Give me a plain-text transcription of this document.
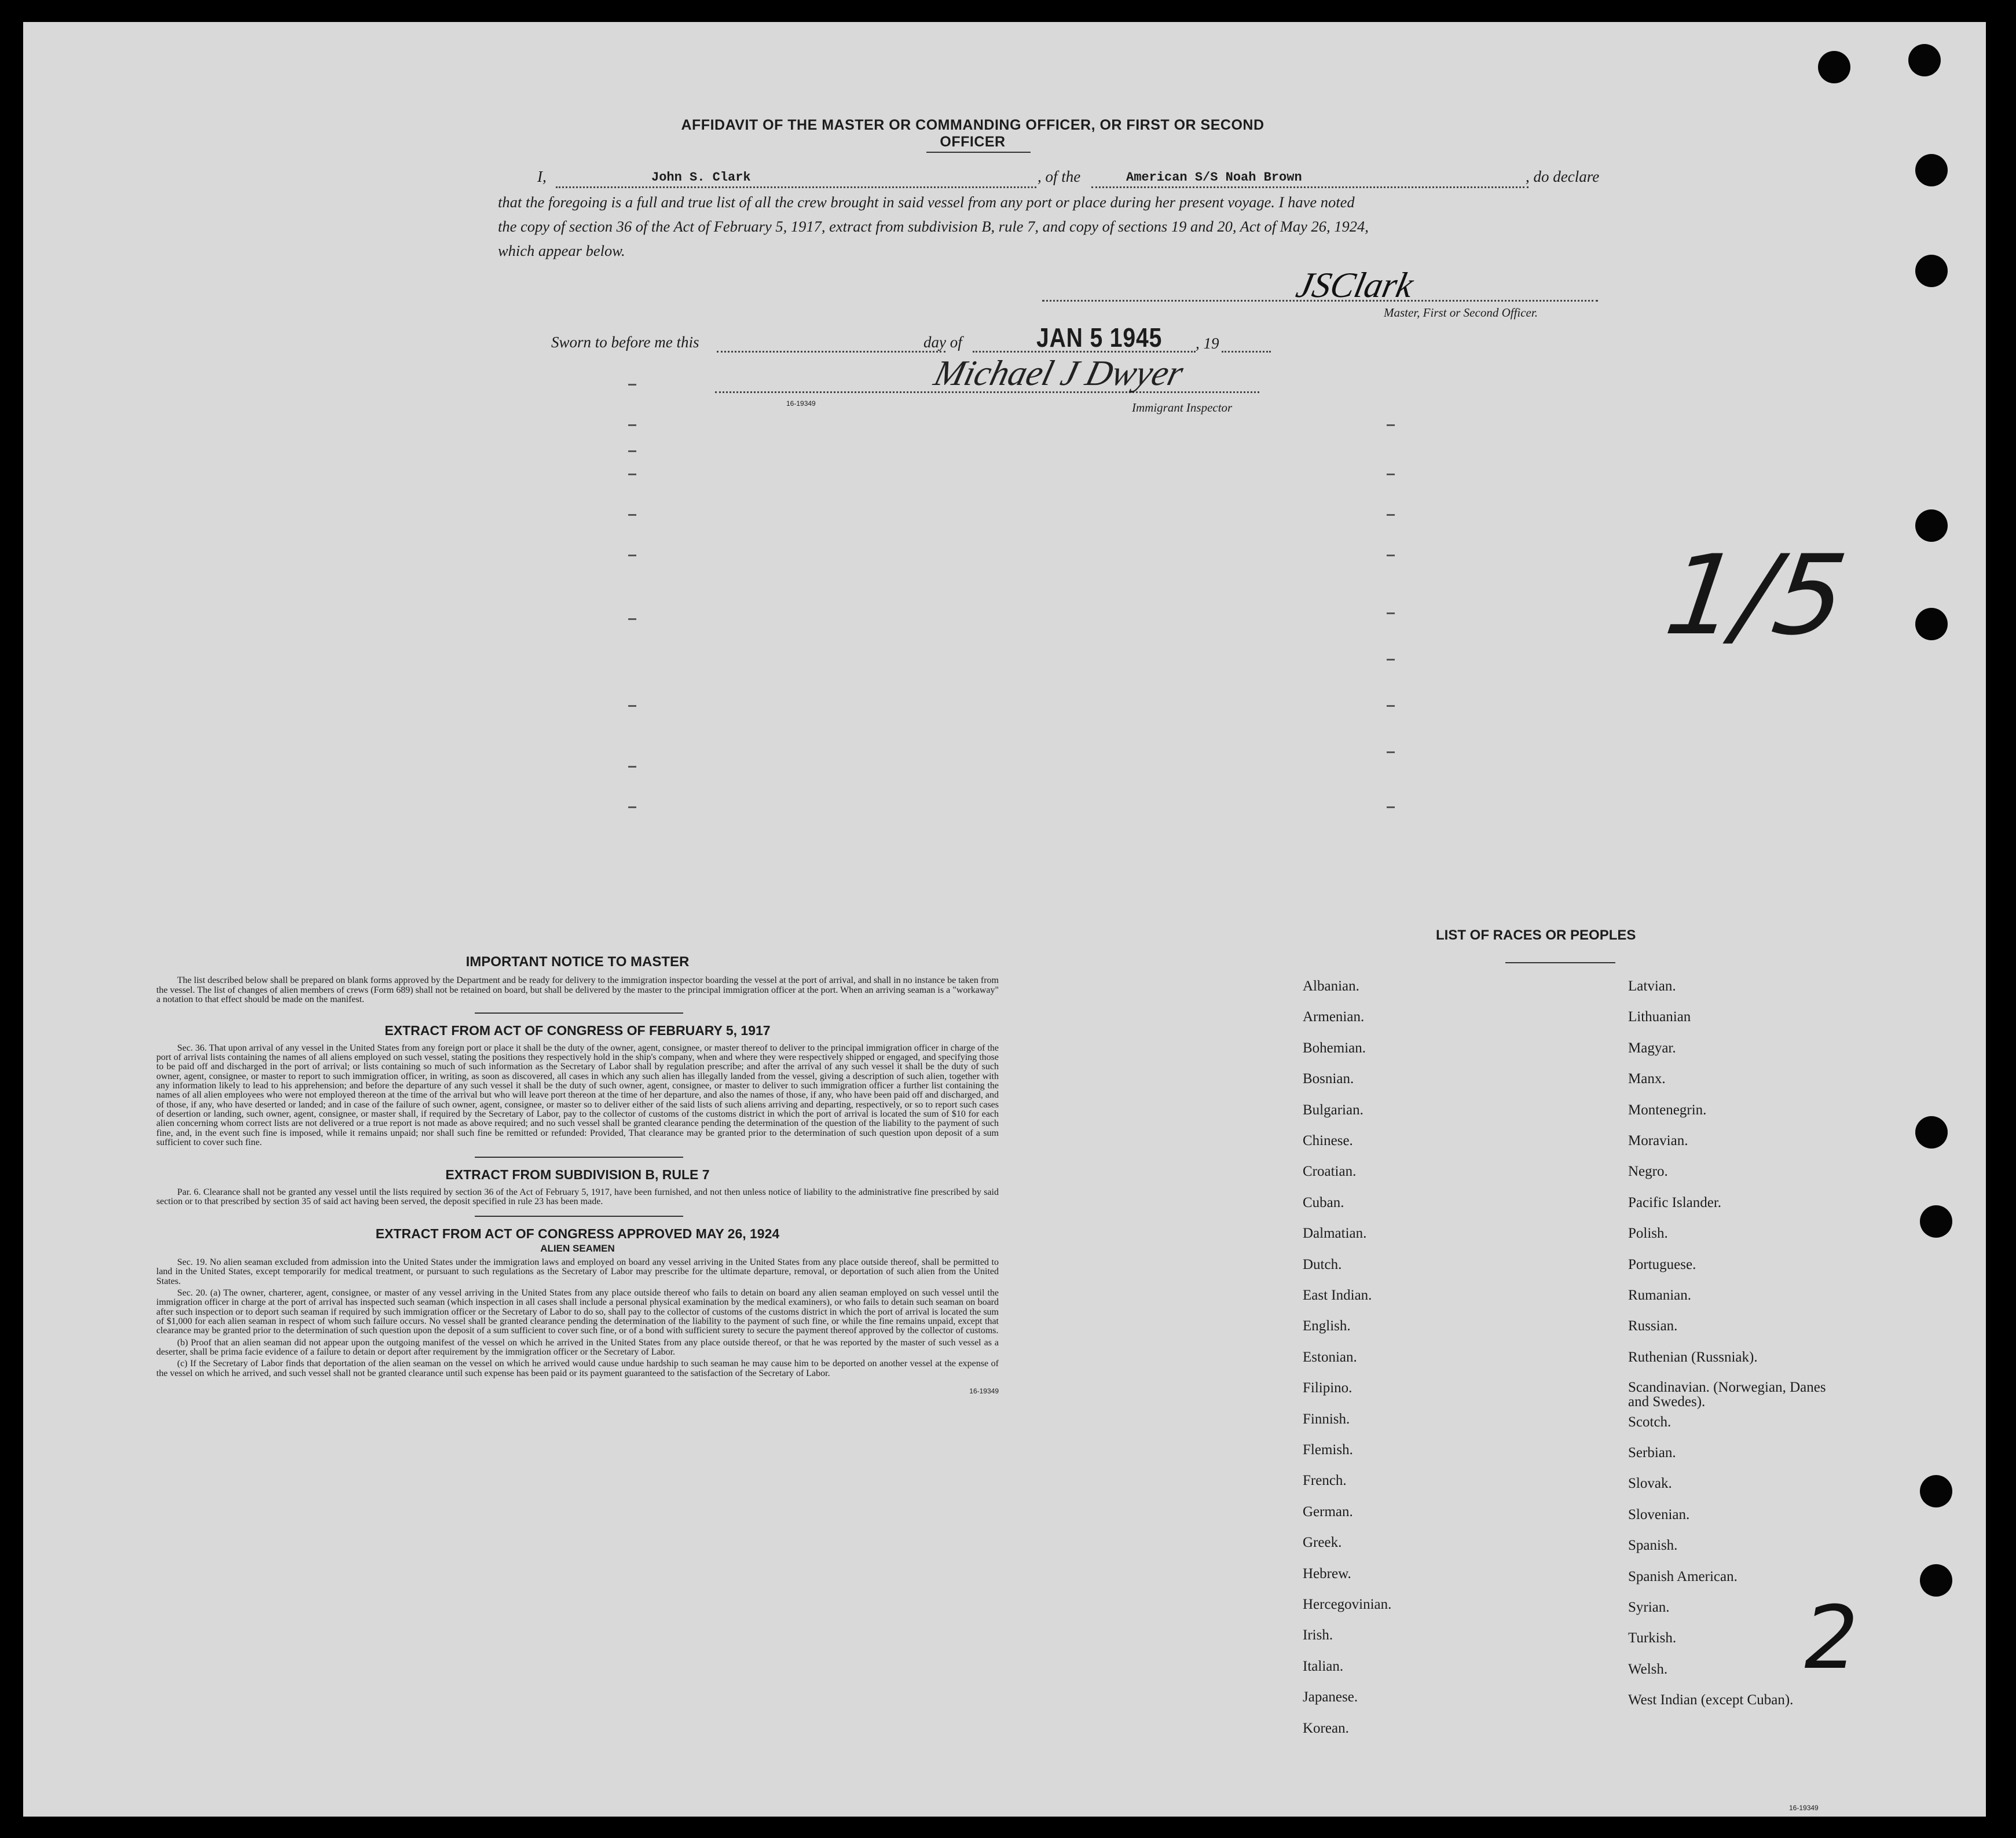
AFFIDAVIT OF THE MASTER OR COMMANDING OFFICER, OR FIRST OR SECOND OFFICER
I,	John S. Clark	, of the	American S/S Noah Brown	, do declare
that the foregoing is a full and true list of all the crew brought in said vessel from any port or place during her present voyage. I have noted
the copy of section 36 of the Act of February 5, 1917, extract from subdivision B, rule 7, and copy of sections 19 and 20, Act of May 26, 1924,
which appear below.
JSClark
Master, First or Second Officer.
Sworn to before me this	day of	JAN 5 1945 , 19
Michael J Dwyer
16-19349	Immigrant Inspector
1/5
2
IMPORTANT NOTICE TO MASTER

The list described below shall be prepared on blank forms approved by the Department and be ready for delivery to the immigration inspector boarding the vessel at the port of arrival, and shall in no instance be taken from the vessel. The list of changes of alien members of crews (Form 689) shall not be retained on board, but shall be delivered by the master to the principal immigration officer at the port. When an arriving seaman is a "workaway" a notation to that effect should be made on the manifest.

EXTRACT FROM ACT OF CONGRESS OF FEBRUARY 5, 1917

Sec. 36. That upon arrival of any vessel in the United States from any foreign port or place it shall be the duty of the owner, agent, consignee, or master thereof to deliver to the principal immigration officer in charge of the port of arrival lists containing the names of all aliens employed on such vessel, stating the positions they respectively hold in the ship's company, when and where they were respectively shipped or engaged, and specifying those to be paid off and discharged in the port of arrival; or lists containing so much of such information as the Secretary of Labor shall by regulation prescribe; and after the arrival of any such vessel it shall be the duty of such owner, agent, consignee, or master to report to such immigration officer, in writing, as soon as discovered, all cases in which any such alien has illegally landed from the vessel, giving a description of such alien, together with any information likely to lead to his apprehension; and before the departure of any such vessel it shall be the duty of such owner, agent, consignee, or master to deliver to such immigration officer a further list containing the names of all alien employees who were not employed thereon at the time of the arrival but who will leave port thereon at the time of her departure, and also the names of those, if any, who have been paid off and discharged, and of those, if any, who have deserted or landed; and in case of the failure of such owner, agent, consignee, or master so to deliver either of the said lists of such aliens arriving and departing, respectively, or so to report such cases of desertion or landing, such owner, agent, consignee, or master shall, if required by the Secretary of Labor, pay to the collector of customs of the customs district in which the port of arrival is located the sum of $10 for each alien concerning whom correct lists are not delivered or a true report is not made as above required; and no such vessel shall be granted clearance pending the determination of the question of the liability to the payment of such fine, and, in the event such fine is imposed, while it remains unpaid; nor shall such fine be remitted or refunded: Provided, That clearance may be granted prior to the determination of such question upon deposit of a sum sufficient to cover such fine.

EXTRACT FROM SUBDIVISION B, RULE 7

Par. 6. Clearance shall not be granted any vessel until the lists required by section 36 of the Act of February 5, 1917, have been furnished, and not then unless notice of liability to the administrative fine prescribed by said section or to that prescribed by section 35 of said act having been served, the deposit specified in rule 23 has been made.

EXTRACT FROM ACT OF CONGRESS APPROVED MAY 26, 1924
ALIEN SEAMEN

Sec. 19. No alien seaman excluded from admission into the United States under the immigration laws and employed on board any vessel arriving in the United States from any place outside thereof, shall be permitted to land in the United States, except temporarily for medical treatment, or pursuant to such regulations as the Secretary of Labor may prescribe for the ultimate departure, removal, or deportation of such alien from the United States.

Sec. 20. (a) The owner, charterer, agent, consignee, or master of any vessel arriving in the United States from any place outside thereof who fails to detain on board any alien seaman employed on such vessel until the immigration officer in charge at the port of arrival has inspected such seaman (which inspection in all cases shall include a personal physical examination by the medical examiners), or who fails to detain such seaman on board after such inspection or to deport such seaman if required by such immigration officer or the Secretary of Labor to do so, shall pay to the collector of customs of the customs district in which the port of arrival is located the sum of $1,000 for each alien seaman in respect of whom such failure occurs. No vessel shall be granted clearance pending the determination of the liability to the payment of such fine, or while the fine remains unpaid, except that clearance may be granted prior to the determination of such question upon the deposit of a sum sufficient to cover such fine, or of a bond with sufficient surety to secure the payment thereof approved by the collector of customs.

(b) Proof that an alien seaman did not appear upon the outgoing manifest of the vessel on which he arrived in the United States from any place outside thereof, or that he was reported by the master of such vessel as a deserter, shall be prima facie evidence of a failure to detain or deport after requirement by the immigration officer or the Secretary of Labor.

(c) If the Secretary of Labor finds that deportation of the alien seaman on the vessel on which he arrived would cause undue hardship to such seaman he may cause him to be deported on another vessel at the expense of the vessel on which he arrived, and such vessel shall not be granted clearance until such expense has been paid or its payment guaranteed to the satisfaction of the Secretary of Labor.

16-19349
LIST OF RACES OR PEOPLES
Albanian.
Armenian.
Bohemian.
Bosnian.
Bulgarian.
Chinese.
Croatian.
Cuban.
Dalmatian.
Dutch.
East Indian.
English.
Estonian.
Filipino.
Finnish.
Flemish.
French.
German.
Greek.
Hebrew.
Hercegovinian.
Irish.
Italian.
Japanese.
Korean.
Latvian.
Lithuanian
Magyar.
Manx.
Montenegrin.
Moravian.
Negro.
Pacific Islander.
Polish.
Portuguese.
Rumanian.
Russian.
Ruthenian (Russniak).
Scandinavian. (Norwegian, Danes and Swedes).
Scotch.
Serbian.
Slovak.
Slovenian.
Spanish.
Spanish American.
Syrian.
Turkish.
Welsh.
West Indian (except Cuban).
16-19349
